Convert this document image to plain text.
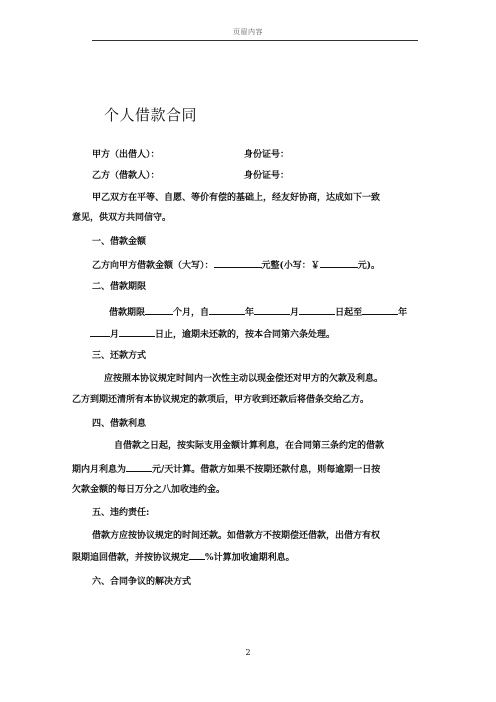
页眉内容
个人借款合同
甲方（出借人）：	身份证号：
乙方（借款人）：	身份证号：
甲乙双方在平等、自愿、等价有偿的基础上，经友好协商，达成如下一致
意见，供双方共同信守。
一、借款金额
乙方向甲方借款金额（大写）：	元整(小写：￥	元)。
二、借款期限
借款期限	个月，自	年	月	日起至	年
月	日止，逾期未还款的，按本合同第六条处理。
三、还款方式
应按照本协议规定时间内一次性主动以现金偿还对甲方的欠款及利息。
乙方到期还清所有本协议规定的款项后，甲方收到还款后将借条交给乙方。
四、借款利息
自借款之日起，按实际支用金额计算利息，在合同第三条约定的借款
期内月利息为	元/天计算。借款方如果不按期还款付息，则每逾期一日按
欠款金额的每日万分之八加收违约金。
五、违约责任:
借款方应按协议规定的时间还款。如借款方不按期偿还借款，出借方有权
限期追回借款，并按协议规定 %计算加收逾期利息。
六、合同争议的解决方式
2
